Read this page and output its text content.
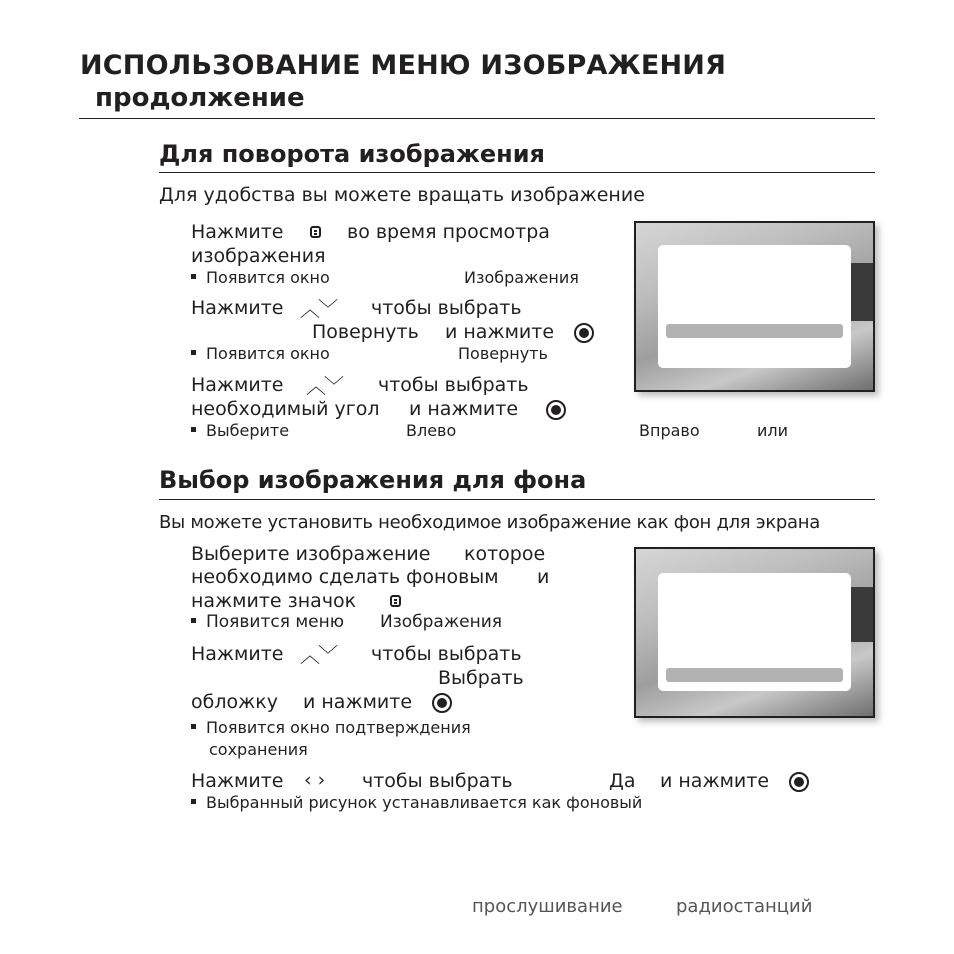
ИСПОЛЬЗОВАНИЕ МЕНЮ ИЗОБРАЖЕНИЯ
продолжение
Для поворота изображения
Для удобства вы можете вращать изображение
Нажмите	во время просмотра
изображения
Появится окно	Изображения
Нажмите ︿﹀ чтобы выбрать
Повернуть и нажмите
Появится окно	Повернуть
Нажмите ︿﹀ чтобы выбрать
необходимый угол и нажмите
Выберите	Влево	Вправо	или
Выбор изображения для фона
Вы можете установить необходимое изображение как фон для экрана
Выберите изображение которое
необходимо сделать фоновым и
нажмите значок
Появится меню Изображения
Нажмите ︿﹀ чтобы выбрать
Выбрать
обложку и нажмите
Появится окно подтверждения
сохранения
Нажмите ‹ › чтобы выбрать	Да и нажмите
Выбранный рисунок устанавливается как фоновый
прослушивание	радиостанций
